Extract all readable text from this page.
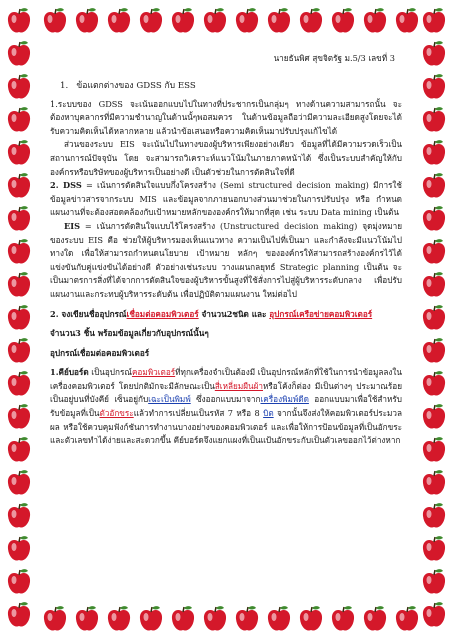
นายธันพิศ สุขจิตรัฐ ม.5/3 เลขที่ 3
1. ข้อแตกต่างของ GDSS กับ ESS

1.ระบบของ GDSS จะเน้นออกแบบไปในทางที่ประชากรเป็นกลุ่มๆ ทางด้านความสามารถนั้น จะต้องหาบุคลากรที่มีความชำนาญในด้านนั้ๆพอสมควร ในด้านข้อมูลถือว่ามีความละเอียดสูงโดยจะได้รับความคิดเห็นได้หลากหลาย แล้วนำข้อเสนอหรือความคิดเห็นมาปรับปรุงแก้ไขได้

ส่วนของระบบ EIS จะเน้นไปในทางของผู้บริหารเพียงอย่างเดียว ข้อมูลที่ได้มีความรวดเร็วเป็นสถานการณ์ปัจจุบัน โดย จะสามารถวิเคราะห์แนวโน้มในภายภาคหน้าได้ ซึ่งเป็นระบบสำคัญให้กับองค์กรหรือบริษัทของผู้บริหารเป็นอย่างดี เป็นตัวช่วยในการตัดสินใจที่ดี

2. DSS = เน้นการตัดสินใจแบบกึ่งโครงสร้าง (Semi structured decision making) มีการใช้ข้อมูลข่าวสารจากระบบ MIS และข้อมูลจากภายนอกบางส่วนมาช่วยในการปรับปรุง หรือ กำหนดแผนงานที่จะต้องสอดคล้องกับเป้าหมายหลักขององค์กรให้มากที่สุด เช่น ระบบ Data mining เป็นต้น

EIS = เน้นการตัดสินใจแบบไร้โครงสร้าง (Unstructured decision making) จุดมุ่งหมายของระบบ EIS คือ ช่วยให้ผู้บริหารมองเห็นแนวทาง ความเป็นไปที่เป็นมา และกำลังจะมีแนวโน้มไปทางใด เพื่อให้สามารถกำหนดนโยบาย เป้าหมาย หลักๆ ขององค์กรให้สามารถสร้างองค์กรไว้ได้แข่งขันกับคู่แข่งขันได้อย่างดี ตัวอย่างเช่นระบบ วางแผนกลยุทธ์ Strategic planning เป็นต้น จะเป็นมาตรการสิ่งที่ได้จากการตัดสินใจของผู้บริหารขั้นสูงที่ใช้สั่งการไปสู่ผู้บริหารระดับกลาง เพื่อปรับแผนงานและกระทบผู้บริหารระดับต้น เพื่อปฏิบัติตามแผนงาน ใหม่ต่อไป

2. จงเขียนชื่ออุปกรณ์เชื่อมต่อคอมพิวเตอร์ จำนวน2ชนิด และ อุปกรณ์เครือข่ายคอมพิวเตอร์

จำนวน3 ชิ้น พร้อมข้อมูลเกี่ยวกับอุปกรณ์นั้นๆ

อุปกรณ์เชื่อมต่อคอมพิวเตอร์

1.คีย์บอร์ด เป็นอุปกรณ์คอมพิวเตอร์ที่ทุกเครื่องจำเป็นต้องมี เป็นอุปกรณ์หลักที่ใช้ในการนำข้อมูลลงในเครื่องคอมพิวเตอร์ โดยปกติมักจะมีลักษณะเป็นสี่เหลี่ยมผืนผ้าหรือโค้งก็ต่อง มีเป็นต่างๆ ประมาณร้อยเป็นอยู่บนที่บังคีย์ เซ็นอยู่กับเฉะเป็นพิมพ์ ซึ่งออกแบบมาจากเครื่องพิมพ์ดีด ออกแบบมาเพื่อใช้สำหรับรับข้อมูลที่เป็นตัวอักขระแล้วทำการเปลี่ยนเป็นรหัส 7 หรือ 8 บิต จากนั้นจึงส่งให้คอมพิวเตอร์ประมวลผล หรือใช้ควบคุมฟังก์ชันการทำงานบางอย่างของคอมพิวเตอร์ และเพื่อให้การป้อนข้อมูลที่เป็นอักขระและตัวเลขทำได้ง่ายและสะดวกขึ้น คีย์บอร์ดจึงแยกแผงที่เป็นแป้นอักขระกับเป็นตัวเลขออกไว้ต่างหาก
